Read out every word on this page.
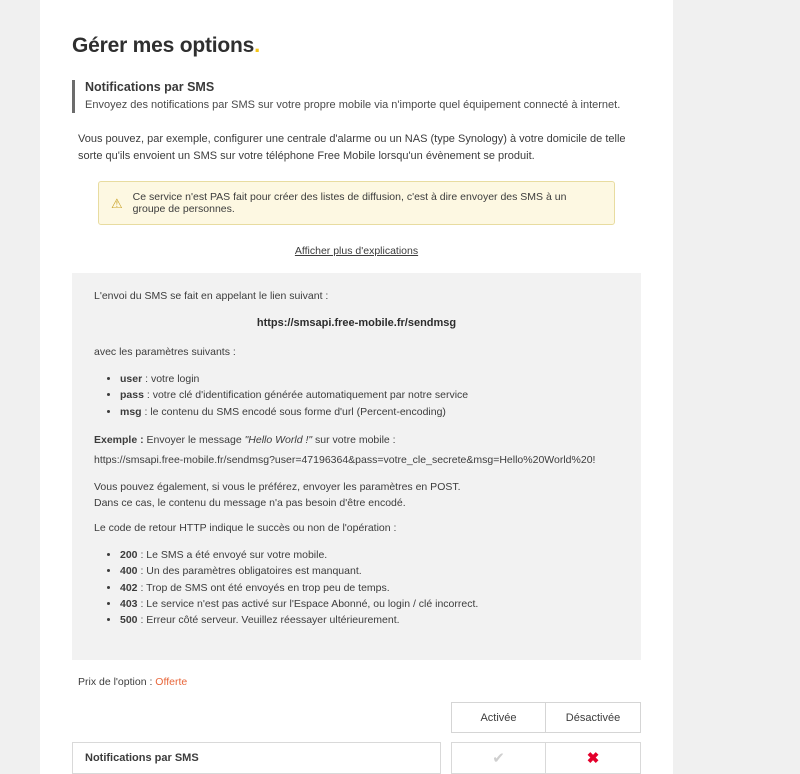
Gérer mes options.
Notifications par SMS
Envoyez des notifications par SMS sur votre propre mobile via n'importe quel équipement connecté à internet.
Vous pouvez, par exemple, configurer une centrale d'alarme ou un NAS (type Synology) à votre domicile de telle sorte qu'ils envoient un SMS sur votre téléphone Free Mobile lorsqu'un évènement se produit.
⚠ Ce service n'est PAS fait pour créer des listes de diffusion, c'est à dire envoyer des SMS à un groupe de personnes.
Afficher plus d'explications

L'envoi du SMS se fait en appelant le lien suivant :

https://smsapi.free-mobile.fr/sendmsg

avec les paramètres suivants :

• user : votre login
• pass : votre clé d'identification générée automatiquement par notre service
• msg : le contenu du SMS encodé sous forme d'url (Percent-encoding)
Exemple : Envoyer le message "Hello World !" sur votre mobile :
https://smsapi.free-mobile.fr/sendmsg?user=47196364&pass=votre_cle_secrete&msg=Hello%20World%20!

Vous pouvez également, si vous le préférez, envoyer les paramètres en POST.

Dans ce cas, le contenu du message n'a pas besoin d'être encodé.

Le code de retour HTTP indique le succès ou non de l'opération :

• 200 : Le SMS a été envoyé sur votre mobile.
• 400 : Un des paramètres obligatoires est manquant.
• 402 : Trop de SMS ont été envoyés en trop peu de temps.
• 403 : Le service n'est pas activé sur l'Espace Abonné, ou login / clé incorrect.
• 500 : Erreur côté serveur. Veuillez réessayer ultérieurement.
Prix de l'option : Offerte
Activée	Désactivée
Notifications par SMS	✔	✖
